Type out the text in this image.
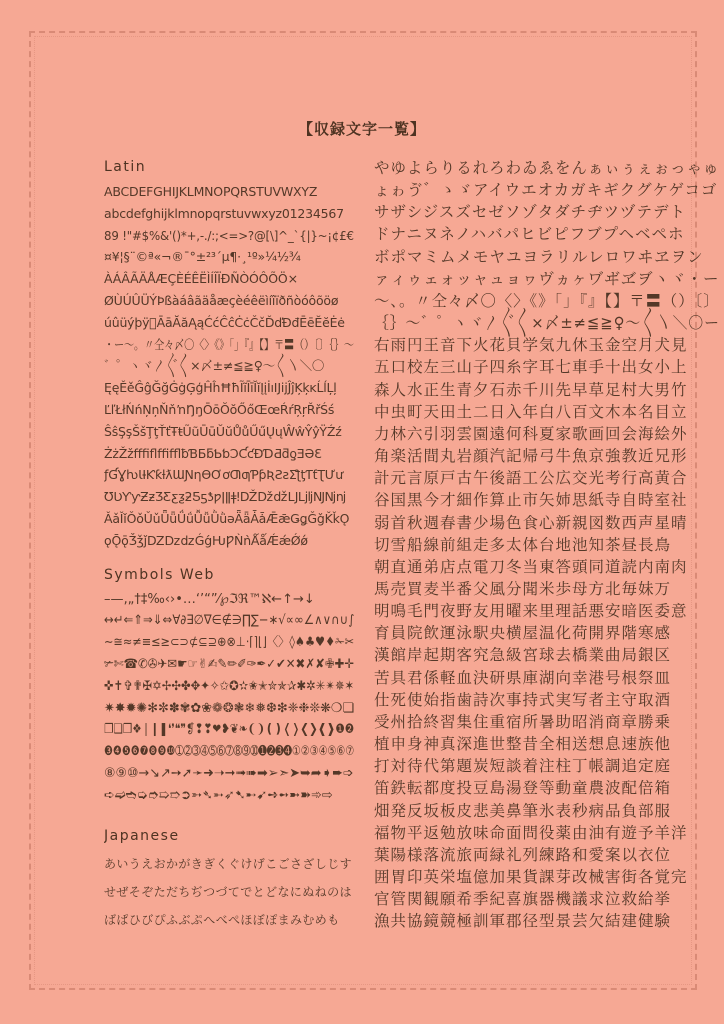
【収録文字一覧】
Latin
ABCDEFGHIJKLMNOPQRSTUVWXYZ
abcdefghijklmnopqrstuvwxyz01234567
89 !"#$%&'()*+,-./:;<=>?@[\]^_`{|}~¡¢£€
¤¥¦§¨©ª«¬®¯°±²³´µ¶·¸¹º»¼½¾
ÀÁÂÃÄÅÆÇÈÉÊËÌÍÎÏÐÑÒÓÔÕÖ×
ØÙÚÛÜÝÞßàáâãäåæçèéêëìíîïðñòóôõöø
úûüýþÿ ĀāĂăĄąĆćĈĉĊċČčĎďĐđĒēĔĕĖė
・ー〜。〃仝々〆〇〈〉《》「」『』【】〒〓（）〔〕｛｝〜
゛゜ヽヾ〳〴〵〱×〆±≠≦≧♀〜〱〵＼〇
ĘęĚěĜĝĞğĠġĢģĤĥĦħĨĩĪīĬĭĮįİıĲĳĴĵĶķĸĹĺĻļ
ĽľŁłŃńŅņŇňŉŊŋŌōŎŏŐőŒœŔŕŖŗŘřŚś
ŜŝŞşŠšŢţŤťŦŧŨũŪūŬŭŮůŰűŲųŴŵŶŷŸŹź
ŻżŽžﬀﬁﬂﬃﬄƀƁƂƃƄƅƆƇƈƉƊƋƌƍƎƏƐ
ƒƓƔƕƖƗƘƙƚƛƜƝƞƟƠơƢƣƤƥƦƧƨƩƪƫƬƭƮƯư
ƱƲƳƴƵƶƷƸƹƺƻƼƽƾƿǀǁǂǃǄǅǆǇǈǉǊǋǌ
ǍǎǏǐǑǒǓǔǕǖǗǘǙǚǛǜǝǞǟǠǡǢǣǤǥǦǧǨǩǪ
ǫǬǭǮǯǰǱǲǳǴǵǶǷǸǹǺǻǼǽǾǿ
Symbols Web
–—‚„†‡‰‹›•…‘’“”⁄℘ℑℜ™ℵ←↑→↓
↔↵⇐⇑⇒⇓⇔∀∂∃∅∇∈∉∋∏∑−∗√∝∞∠∧∨∩∪∫
∼≅≈≠≡≤≥⊂⊃⊄⊆⊇⊕⊗⊥⋅⌈⌉⌊⌋〈〉◊♠♣♥♦✁✂
✃✄☎✆✇✈✉☛☞✌✍✎✏✐✑✒✓✔✕✖✗✘✙✚✛
✜✝✞✟✠✡✢✣✤✥✦✧✩✪✫✬✭✮✯✰✱✲✳✴✵✶
✷✸✹✺✻✼✽✾✿❀❁❂❃❄❅❆❇❈❉❊❋❍❏
❐❑❒❖❘❙❚❛❜❝❞❡❢❣❤❥❦❧❨❩❪❫❬❭❮❯❰❱❶❷
❸❹❺❻❼❽❾❿➀➁➂➃➄➅➆➇➈➉➊➋➌➍①②③④⑤⑥⑦
⑧⑨⑩→↘↗➙➚➛➜➝➞➟➠➡➢➣➤➥➦➧➨➩
➪➫➬➭➮➯➱➲➳➴➵➶➷➸➹➺➻➼➽➾⇨
Japanese
あいうえおかがきぎくぐけげこごさざしじす
せぜそぞただちぢつづてでとどなにぬねのは
ばぱひびぴふぶぷへべぺほぼぽまみむめも
やゆよらりるれろわゐゑをんぁぃぅぇぉっゃゅ
ょゎゔ゛ゝゞアイウエオカガキギクグケゲコゴ
サザシジスズセゼソゾタダチヂツヅテデト
ドナニヌネノハバパヒビピフブプヘベペホ
ボポマミムメモヤユヨラリルレロワヰヱヲン
ァィゥェォッャュョヮヴヵヶヷヸヹヺヽヾ・ー
〜、。〃仝々〆〇〈〉《》「」『』【】〒〓（）〔〕
｛｝〜゛゜ヽヾ〳〴〵〱×〆±≠≦≧♀〜〱〵＼〇ー
右雨円王音下火花貝学気九休玉金空月犬見
五口校左三山子四糸字耳七車手十出女小上
森人水正生青夕石赤千川先早草足村大男竹
中虫町天田土二日入年白八百文木本名目立
力林六引羽雲園遠何科夏家歌画回会海絵外
角楽活間丸岩顔汽記帰弓牛魚京強教近兄形
計元言原戸古午後語工公広交光考行高黄合
谷国黒今才細作算止市矢姉思紙寺自時室社
弱首秋週春書少場色食心新親図数西声星晴
切雪船線前組走多太体台地池知茶昼長鳥
朝直通弟店点電刀冬当東答頭同道読内南肉
馬売買麦半番父風分聞米歩母方北毎妹万
明鳴毛門夜野友用曜来里理話悪安暗医委意
育員院飲運泳駅央横屋温化荷開界階寒感
漢館岸起期客究急級宮球去橋業曲局銀区
苦具君係軽血決研県庫湖向幸港号根祭皿
仕死使始指歯詩次事持式実写者主守取酒
受州拾終習集住重宿所暑助昭消商章勝乗
植申身神真深進世整昔全相送想息速族他
打対待代第題炭短談着注柱丁帳調追定庭
笛鉄転都度投豆島湯登等動童農波配倍箱
畑発反坂板皮悲美鼻筆氷表秒病品負部服
福物平返勉放味命面問役薬由油有遊予羊洋
葉陽様落流旅両緑礼列練路和愛案以衣位
囲胃印英栄塩億加果貨課芽改械害街各覚完
官管関観願希季紀喜旗器機議求泣救給挙
漁共協鏡競極訓軍郡径型景芸欠結建健験
